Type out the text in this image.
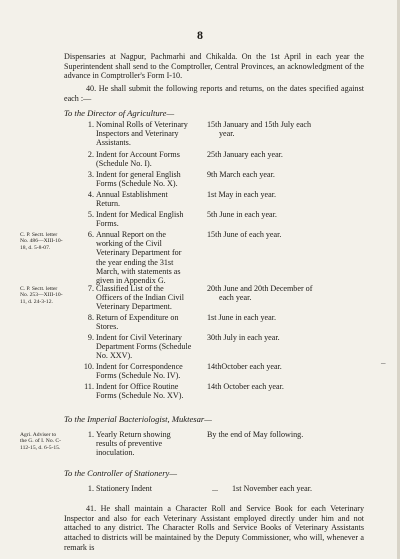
8
Dispensaries at Nagpur, Pachmarhi and Chikalda. On the 1st April in each year the Superintendent shall send to the Comptroller, Central Provinces, an acknowledgment of the advance in Comptroller's Form I-10.
40. He shall submit the following reports and returns, on the dates specified against each :—
To the Director of Agriculture—
1. Nominal Rolls of Veterinary Inspectors and Veterinary Assistants.
15th January and 15th July each
year.
2. Indent for Account Forms (Schedule No. I).
25th January each year.
3. Indent for general English Forms (Schedule No. X).
9th March each year.
4. Annual Establishment Return.
1st May in each year.
5. Indent for Medical English Forms.
5th June in each year.
6. Annual Report on the working of the Civil Veterinary Department for the year ending the 31st March, with statements as given in Appendix G.
15th June of each year.
7. Classified List of the Officers of the Indian Civil Veterinary Department.
20th June and 20th December of
each year.
8. Return of Expenditure on Stores.
1st June in each year.
9. Indent for Civil Veterinary Department Forms (Schedule No. XXV).
30th July in each year.
10. Indent for Correspondence Forms (Schedule No. IV).
14thOctober each year.
11. Indent for Office Routine Forms (Schedule No. XV).
14th October each year.
C. P. Sectt. letter No. 486—XIII-10-18, d. 5-8-07.
C. P. Sectt. letter No. 253—XIII-10-11, d. 24-3-12.
Agri. Adviser to the G. of I. No. C-112-15, d. 6-5-15.
To the Imperial Bacteriologist, Muktesar—
1. Yearly Return showing results of preventive inoculation.
By the end of May following.
To the Controller of Stationery—
1. Stationery Indent	... 1st November each year.
41. He shall maintain a Character Roll and Service Book for each Veterinary Inspector and also for each Veterinary Assistant employed directly under him and not attached to any district. The Character Rolls and Service Books of Veterinary Assistants attached to districts will be maintained by the Deputy Commissioner, who will, whenever a remark is
–
